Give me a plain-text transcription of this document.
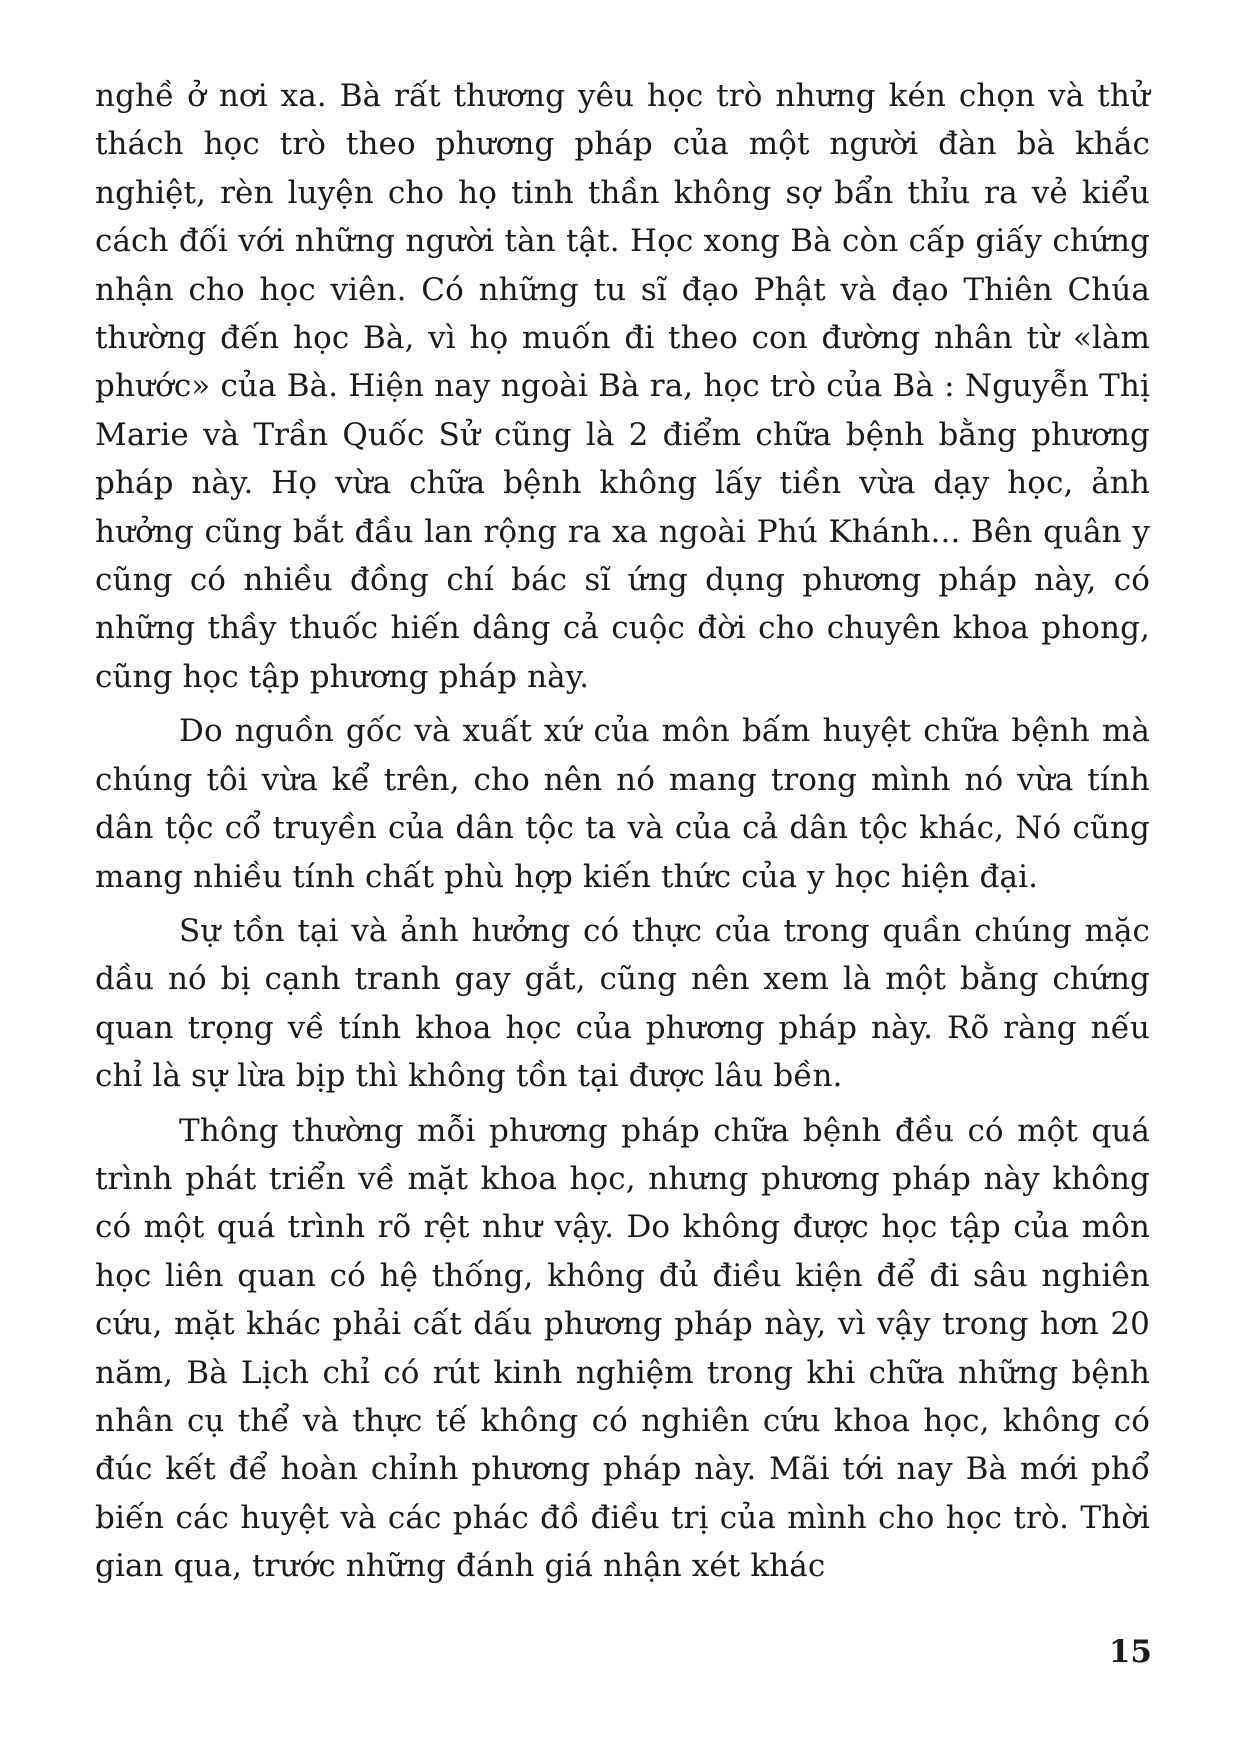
nghề ở nơi xa. Bà rất thương yêu học trò nhưng kén chọn và thử thách học trò theo phương pháp của một người đàn bà khắc nghiệt, rèn luyện cho họ tinh thần không sợ bẩn thỉu ra vẻ kiểu cách đối với những người tàn tật. Học xong Bà còn cấp giấy chứng nhận cho học viên. Có những tu sĩ đạo Phật và đạo Thiên Chúa thường đến học Bà, vì họ muốn đi theo con đường nhân từ «làm phước» của Bà. Hiện nay ngoài Bà ra, học trò của Bà : Nguyễn Thị Marie và Trần Quốc Sử cũng là 2 điểm chữa bệnh bằng phương pháp này. Họ vừa chữa bệnh không lấy tiền vừa dạy học, ảnh hưởng cũng bắt đầu lan rộng ra xa ngoài Phú Khánh... Bên quân y cũng có nhiều đồng chí bác sĩ ứng dụng phương pháp này, có những thầy thuốc hiến dâng cả cuộc đời cho chuyên khoa phong, cũng học tập phương pháp này.

Do nguồn gốc và xuất xứ của môn bấm huyệt chữa bệnh mà chúng tôi vừa kể trên, cho nên nó mang trong mình nó vừa tính dân tộc cổ truyền của dân tộc ta và của cả dân tộc khác, Nó cũng mang nhiều tính chất phù hợp kiến thức của y học hiện đại.

Sự tồn tại và ảnh hưởng có thực của trong quần chúng mặc dầu nó bị cạnh tranh gay gắt, cũng nên xem là một bằng chứng quan trọng về tính khoa học của phương pháp này. Rõ ràng nếu chỉ là sự lừa bịp thì không tồn tại được lâu bền.

Thông thường mỗi phương pháp chữa bệnh đều có một quá trình phát triển về mặt khoa học, nhưng phương pháp này không có một quá trình rõ rệt như vậy. Do không được học tập của môn học liên quan có hệ thống, không đủ điều kiện để đi sâu nghiên cứu, mặt khác phải cất dấu phương pháp này, vì vậy trong hơn 20 năm, Bà Lịch chỉ có rút kinh nghiệm trong khi chữa những bệnh nhân cụ thể và thực tế không có nghiên cứu khoa học, không có đúc kết để hoàn chỉnh phương pháp này. Mãi tới nay Bà mới phổ biến các huyệt và các phác đồ điều trị của mình cho học trò. Thời gian qua, trước những đánh giá nhận xét khác

15
